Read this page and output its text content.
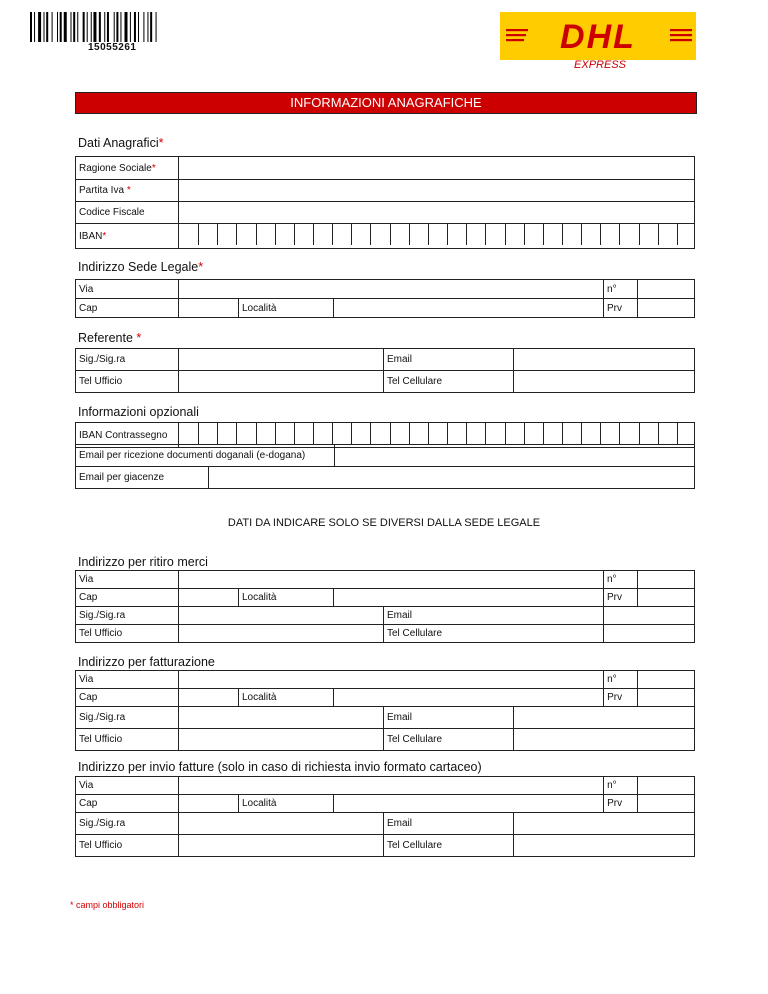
15055261	DHL
EXPRESS
INFORMAZIONI ANAGRAFICHE
Dati Anagrafici*
Ragione Sociale*	
Partita Iva *	
Codice Fiscale	
IBAN*	
Indirizzo Sede Legale*
Via				n°	
Cap		Località		Prv	
Referente *
Sig./Sig.ra		Email	
Tel Ufficio		Tel Cellulare	
Informazioni opzionali
IBAN Contrassegno	
Email per ricezione documenti doganali (e-dogana)	
Email per giacenze	
DATI DA INDICARE SOLO SE DIVERSI DALLA SEDE LEGALE
Indirizzo per ritiro merci
Via					n°	
Cap		Località			Prv	
Sig./Sig.ra				Email		
Tel Ufficio				Tel Cellulare		
Indirizzo per fatturazione
Via						n°	
Cap		Località				Prv	
Sig./Sig.ra				Email			
Tel Ufficio				Tel Cellulare			
Indirizzo per invio fatture (solo in caso di richiesta invio formato cartaceo)
Via						n°	
Cap		Località				Prv	
Sig./Sig.ra				Email			
Tel Ufficio				Tel Cellulare			
* campi obbligatori
